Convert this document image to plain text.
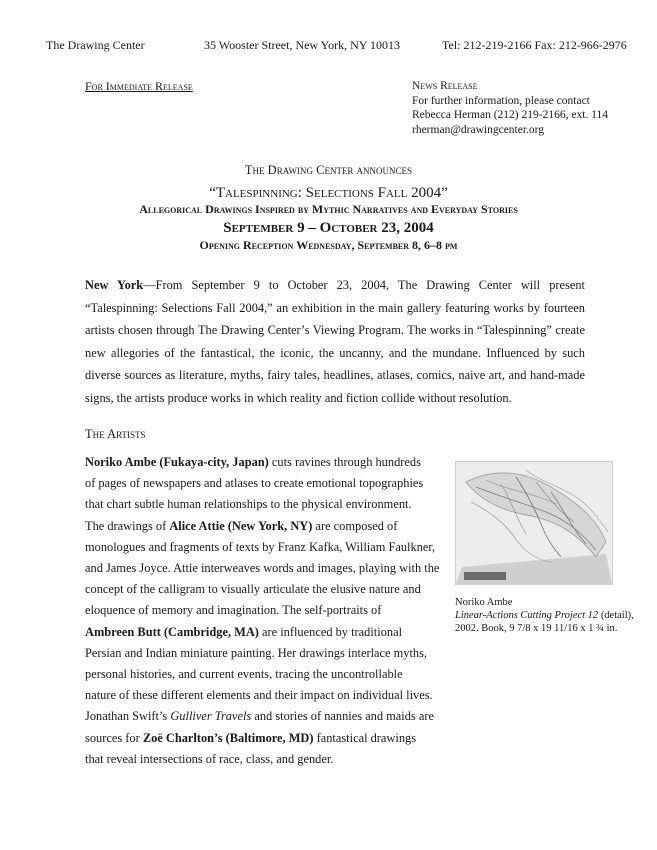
The Drawing Center	35 Wooster Street, New York, NY 10013	Tel: 212-219-2166 Fax: 212-966-2976
For Immediate Release	News Release
For further information, please contact
Rebecca Herman (212) 219-2166, ext. 114
rherman@drawingcenter.org
The Drawing Center announces
“Talespinning: Selections Fall 2004”
Allegorical Drawings Inspired by Mythic Narratives and Everyday Stories
September 9 – October 23, 2004
Opening Reception Wednesday, September 8, 6–8 pm
New York—From September 9 to October 23, 2004, The Drawing Center will present “Talespinning: Selections Fall 2004,” an exhibition in the main gallery featuring works by fourteen artists chosen through The Drawing Center’s Viewing Program. The works in “Talespinning” create new allegories of the fantastical, the iconic, the uncanny, and the mundane. Influenced by such diverse sources as literature, myths, fairy tales, headlines, atlases, comics, naive art, and hand-made signs, the artists produce works in which reality and fiction collide without resolution.
The Artists
Noriko Ambe (Fukaya-city, Japan) cuts ravines through hundreds
of pages of newspapers and atlases to create emotional topographies
that chart subtle human relationships to the physical environment.
The drawings of Alice Attie (New York, NY) are composed of
monologues and fragments of texts by Franz Kafka, William Faulkner,
and James Joyce. Attie interweaves words and images, playing with the
concept of the calligram to visually articulate the elusive nature and
eloquence of memory and imagination. The self-portraits of
Ambreen Butt (Cambridge, MA) are influenced by traditional
Persian and Indian miniature painting. Her drawings interlace myths,
personal histories, and current events, tracing the uncontrollable
nature of these different elements and their impact on individual lives.
Jonathan Swift’s Gulliver Travels and stories of nannies and maids are
sources for Zoë Charlton’s (Baltimore, MD) fantastical drawings
that reveal intersections of race, class, and gender.
Noriko Ambe
Linear-Actions Cutting Project 12 (detail),
2002. Book, 9 7/8 x 19 11/16 x 1 ¾ in.
